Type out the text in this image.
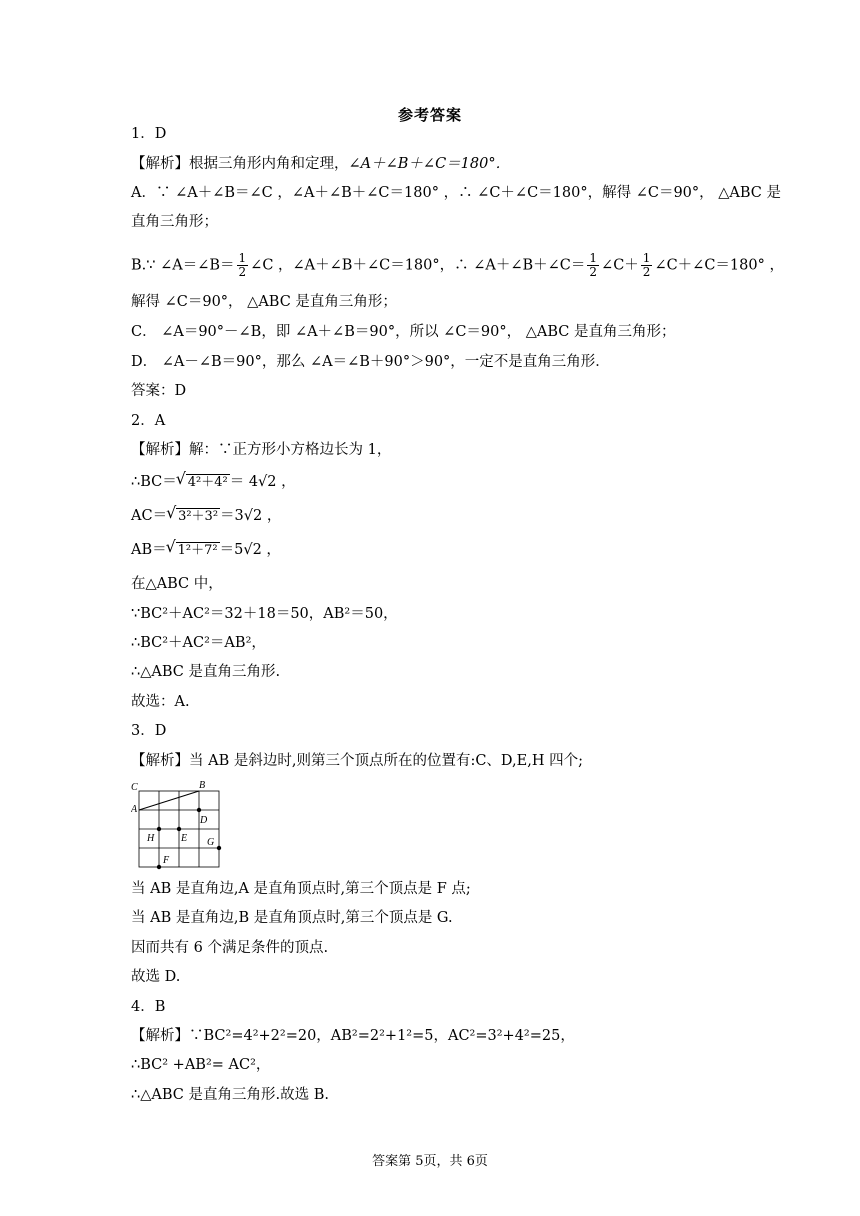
参考答案
1．D
【解析】根据三角形内角和定理，∠A＋∠B＋∠C＝180°．
A．∵ ∠A＋∠B＝∠C ，∠A＋∠B＋∠C＝180° ，∴ ∠C＋∠C＝180°，解得 ∠C＝90°， △ABC 是
直角三角形；
B.∵ ∠A＝∠B＝ $\frac{1}{2}$ ∠C ，∠A＋∠B＋∠C＝180°，∴ ∠A＋∠B＋∠C＝ $\frac{1}{2}$ ∠C＋ $\frac{1}{2}$ ∠C＋∠C＝180° ，
解得 ∠C＝90°， △ABC 是直角三角形；
C． ∠A＝90°－∠B，即 ∠A＋∠B＝90°，所以 ∠C＝90°， △ABC 是直角三角形；
D． ∠A－∠B＝90°，那么 ∠A＝∠B＋90°＞90°，一定不是直角三角形．
答案：D
2．A
【解析】解：∵正方形小方格边长为 1，
∴BC＝ √ 4²＋4² ＝ 4√2 ，
AC＝ √ 3²＋3² ＝3√2 ，
AB＝ √ 1²＋7² ＝5√2 ，
在△ABC 中，
∵BC²＋AC²＝32＋18＝50，AB²＝50，
∴BC²＋AC²＝AB²，
∴△ABC 是直角三角形.
故选：A.
3．D
【解析】当 AB 是斜边时,则第三个顶点所在的位置有:C、D,E,H 四个;
C
A
B
D
H	E G
F
当 AB 是直角边,A 是直角顶点时,第三个顶点是 F 点;
当 AB 是直角边,B 是直角顶点时,第三个顶点是 G.
因而共有 6 个满足条件的顶点.
故选 D.
4．B
【解析】∵BC²=4²+2²=20，AB²=2²+1²=5，AC²=3²+4²=25，
∴BC² +AB²= AC²，
∴△ABC 是直角三角形.故选 B.
答案第 5页，共 6页
